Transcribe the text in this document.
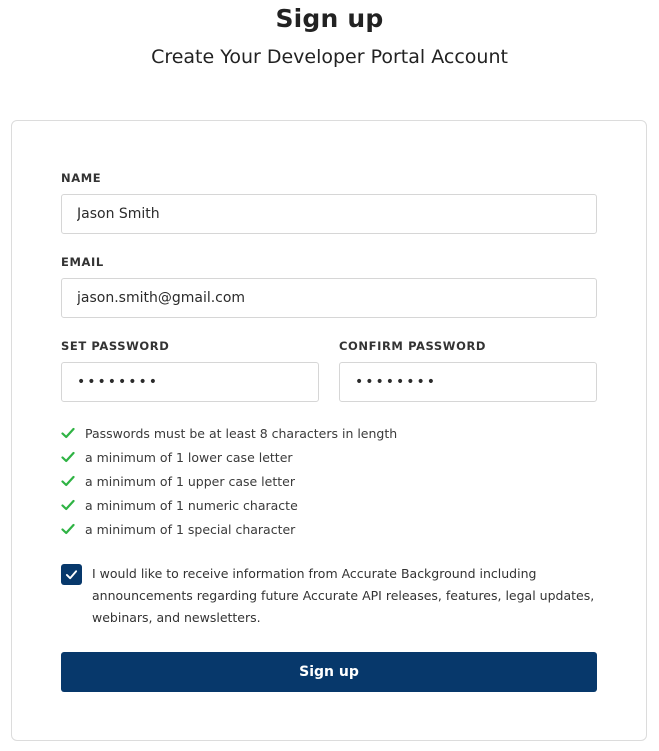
Sign up
Create Your Developer Portal Account
NAME
Jason Smith
EMAIL
jason.smith@gmail.com
SET PASSWORD
••••••••	CONFIRM PASSWORD
••••••••
Passwords must be at least 8 characters in length
a minimum of 1 lower case letter
a minimum of 1 upper case letter
a minimum of 1 numeric characte
a minimum of 1 special character
I would like to receive information from Accurate Background including announcements regarding future Accurate API releases, features, legal updates, webinars, and newsletters.
Sign up
